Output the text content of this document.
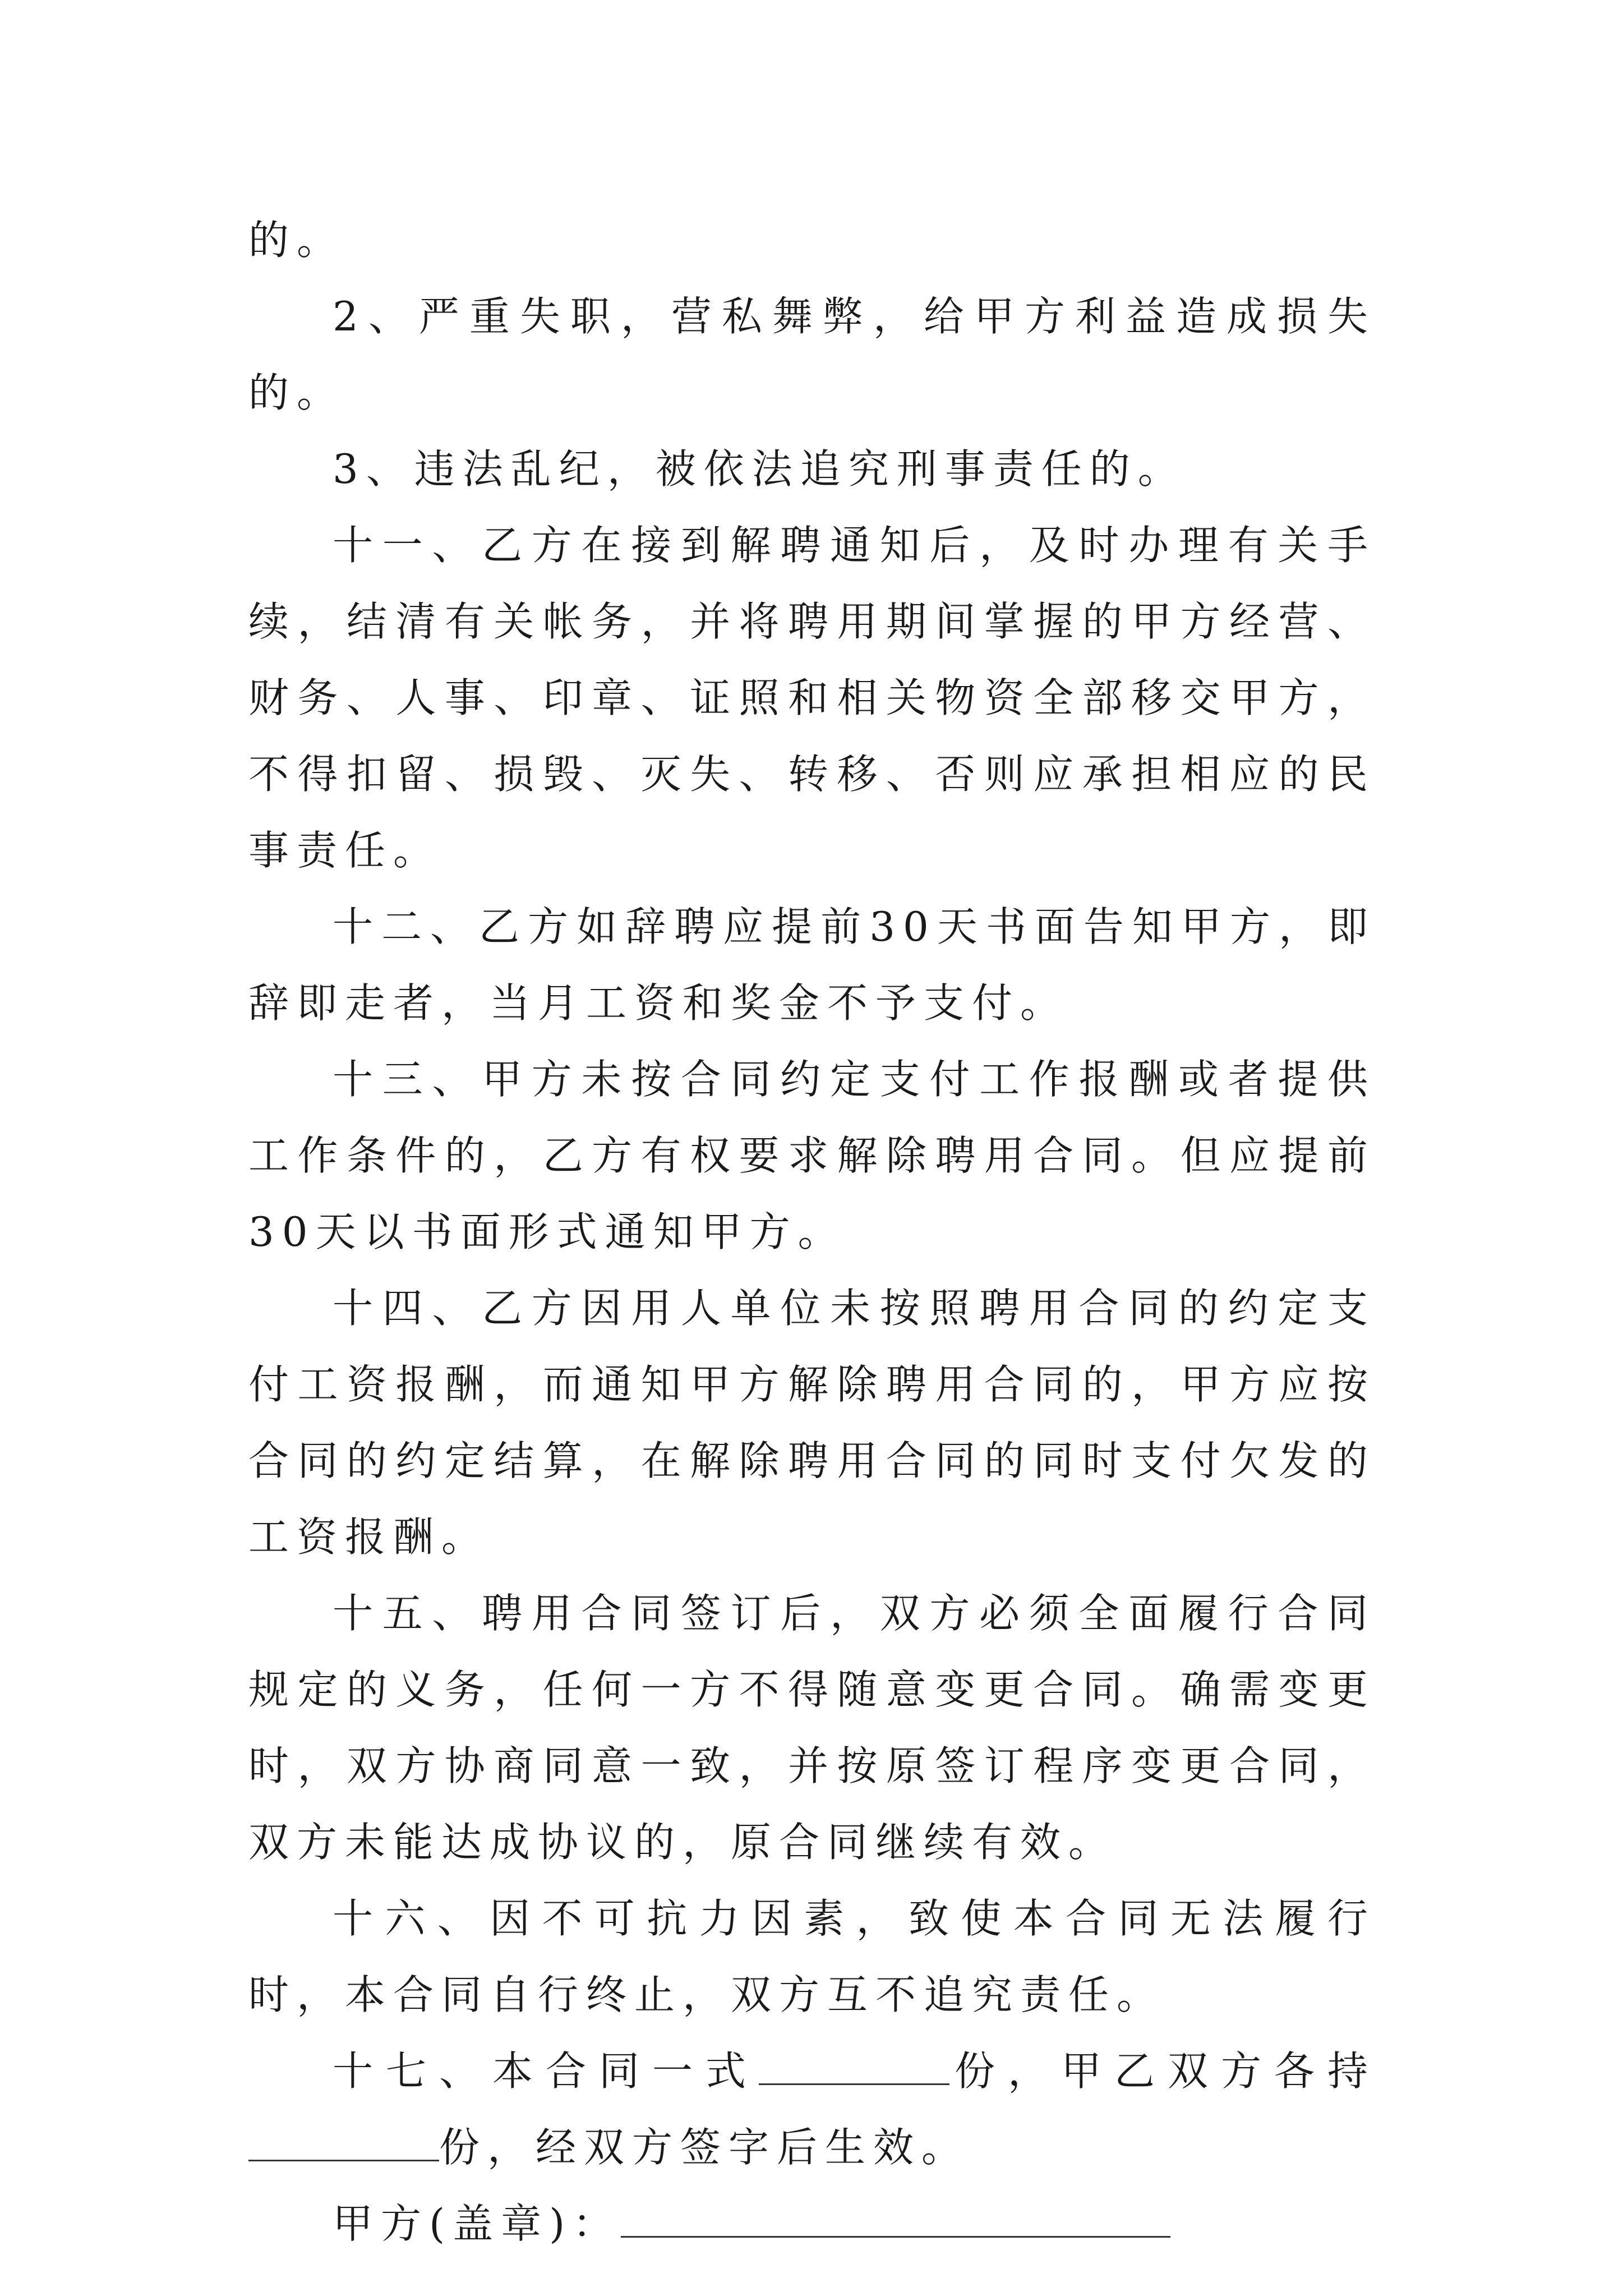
的。

2、严重失职，营私舞弊，给甲方利益造成损失的。

3、违法乱纪，被依法追究刑事责任的。

十一、乙方在接到解聘通知后，及时办理有关手续，结清有关帐务，并将聘用期间掌握的甲方经营、财务、人事、印章、证照和相关物资全部移交甲方，不得扣留、损毁、灭失、转移、否则应承担相应的民事责任。

十二、乙方如辞聘应提前30天书面告知甲方，即辞即走者，当月工资和奖金不予支付。

十三、甲方未按合同约定支付工作报酬或者提供工作条件的，乙方有权要求解除聘用合同。但应提前30天以书面形式通知甲方。

十四、乙方因用人单位未按照聘用合同的约定支付工资报酬，而通知甲方解除聘用合同的，甲方应按合同的约定结算，在解除聘用合同的同时支付欠发的工资报酬。

十五、聘用合同签订后，双方必须全面履行合同规定的义务，任何一方不得随意变更合同。确需变更时，双方协商同意一致，并按原签订程序变更合同，双方未能达成协议的，原合同继续有效。

十六、因不可抗力因素，致使本合同无法履行时，本合同自行终止，双方互不追究责任。

十七、本合同一式	份，甲乙双方各持份，经双方签字后生效。

甲方(盖章)：
